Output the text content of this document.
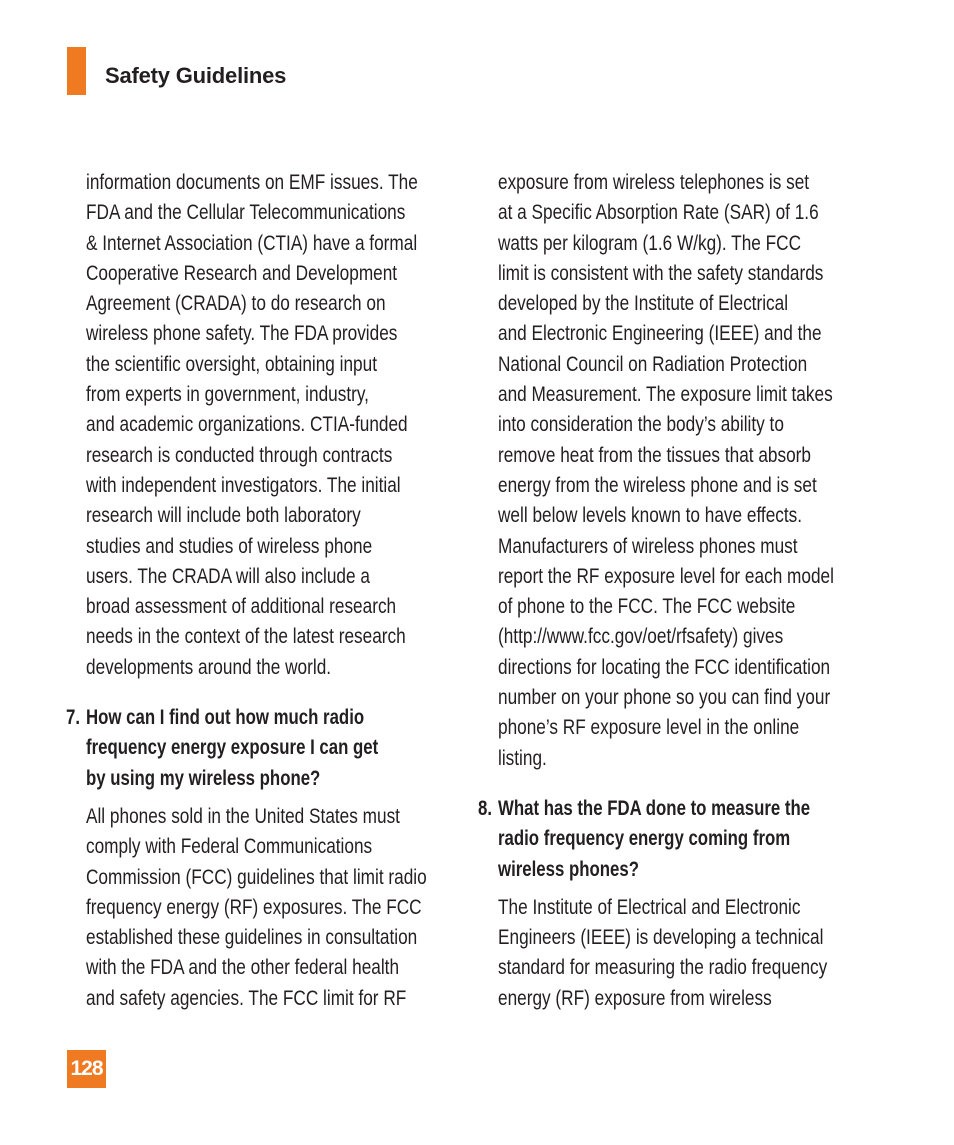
Safety Guidelines
information documents on EMF issues. The
FDA and the Cellular Telecommunications
& Internet Association (CTIA) have a formal
Cooperative Research and Development
Agreement (CRADA) to do research on
wireless phone safety. The FDA provides
the scientific oversight, obtaining input
from experts in government, industry,
and academic organizations. CTIA-funded
research is conducted through contracts
with independent investigators. The initial
research will include both laboratory
studies and studies of wireless phone
users. The CRADA will also include a
broad assessment of additional research
needs in the context of the latest research
developments around the world.
7. How can I find out how much radio
frequency energy exposure I can get
by using my wireless phone?
All phones sold in the United States must
comply with Federal Communications
Commission (FCC) guidelines that limit radio
frequency energy (RF) exposures. The FCC
established these guidelines in consultation
with the FDA and the other federal health
and safety agencies. The FCC limit for RF
exposure from wireless telephones is set
at a Specific Absorption Rate (SAR) of 1.6
watts per kilogram (1.6 W/kg). The FCC
limit is consistent with the safety standards
developed by the Institute of Electrical
and Electronic Engineering (IEEE) and the
National Council on Radiation Protection
and Measurement. The exposure limit takes
into consideration the body’s ability to
remove heat from the tissues that absorb
energy from the wireless phone and is set
well below levels known to have effects.
Manufacturers of wireless phones must
report the RF exposure level for each model
of phone to the FCC. The FCC website
(http://www.fcc.gov/oet/rfsafety) gives
directions for locating the FCC identification
number on your phone so you can find your
phone’s RF exposure level in the online
listing.
8. What has the FDA done to measure the
radio frequency energy coming from
wireless phones?
The Institute of Electrical and Electronic
Engineers (IEEE) is developing a technical
standard for measuring the radio frequency
energy (RF) exposure from wireless
128
